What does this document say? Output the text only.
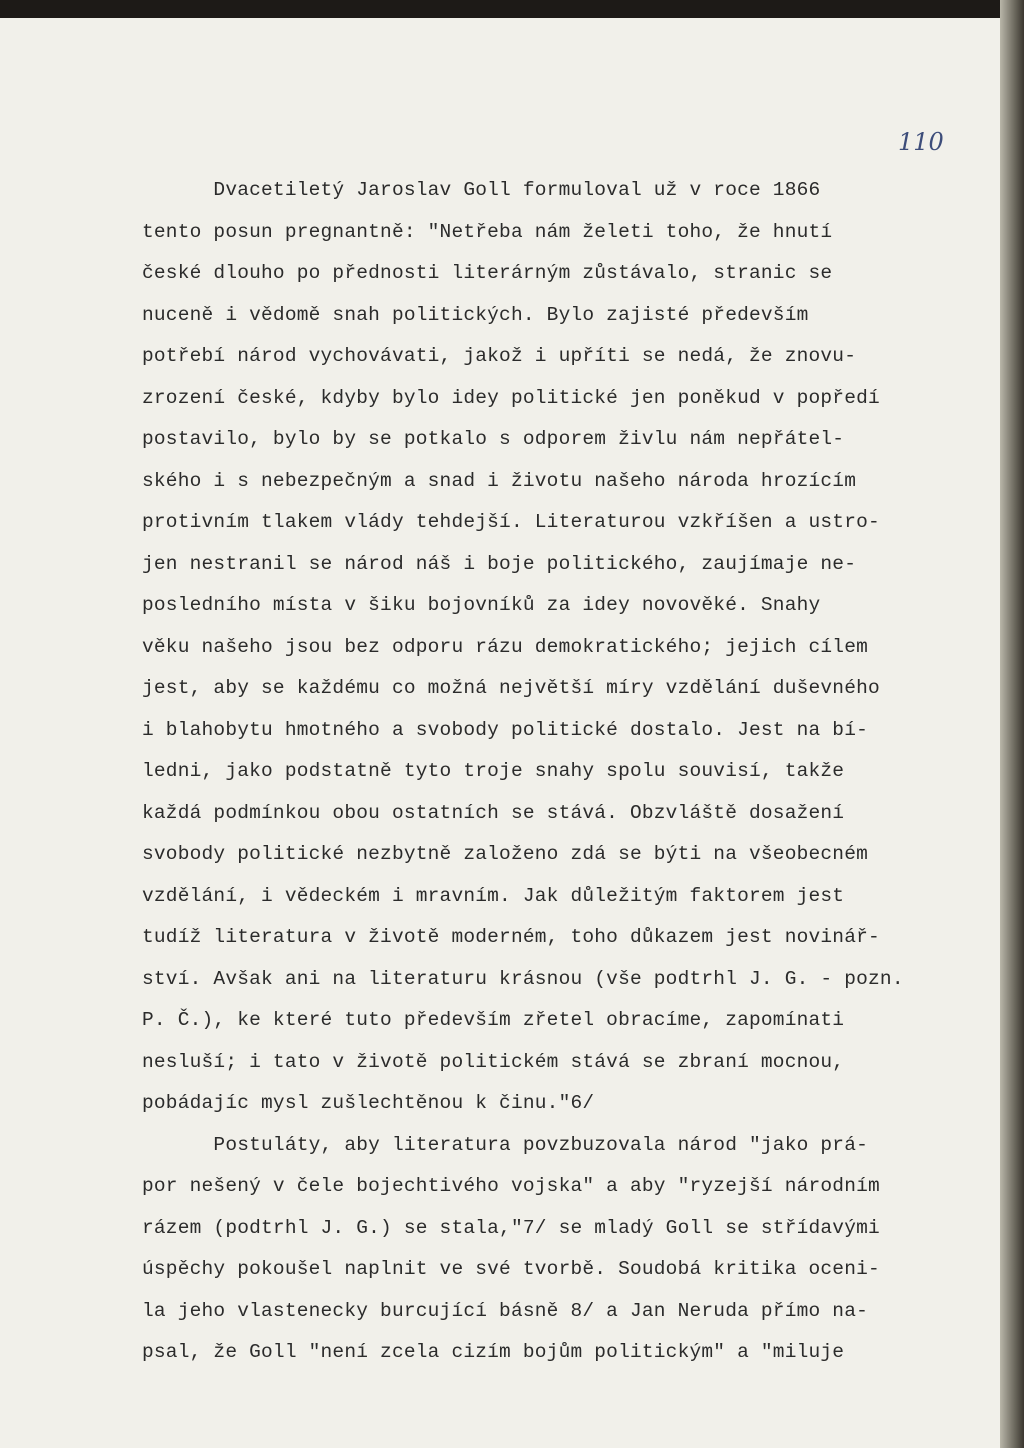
110
Dvacetiletý Jaroslav Goll formuloval už v roce 1866
tento posun pregnantně: "Netřeba nám želeti toho, že hnutí
české dlouho po přednosti literárným zůstávalo, stranic se
nuceně i vědomě snah politických. Bylo zajisté především
potřebí národ vychovávati, jakož i upříti se nedá, že znovu-
zrození české, kdyby bylo idey politické jen poněkud v popředí
postavilo, bylo by se potkalo s odporem živlu nám nepřátel-
ského i s nebezpečným a snad i životu našeho národa hrozícím
protivním tlakem vlády tehdejší. Literaturou vzkříšen a ustro-
jen nestranil se národ náš i boje politického, zaujímaje ne-
posledního místa v šiku bojovníků za idey novověké. Snahy
věku našeho jsou bez odporu rázu demokratického; jejich cílem
jest, aby se každému co možná největší míry vzdělání duševného
i blahobytu hmotného a svobody politické dostalo. Jest na bí-
ledni, jako podstatně tyto troje snahy spolu souvisí, takže
každá podmínkou obou ostatních se stává. Obzvláště dosažení
svobody politické nezbytně založeno zdá se býti na všeobecném
vzdělání, i vědeckém i mravním. Jak důležitým faktorem jest
tudíž literatura v životě moderném, toho důkazem jest novinář-
ství. Avšak ani na literaturu krásnou (vše podtrhl J. G. - pozn.
P. Č.), ke které tuto především zřetel obracíme, zapomínati
nesluší; i tato v životě politickém stává se zbraní mocnou,
pobádajíc mysl zušlechtěnou k činu."6/
Postuláty, aby literatura povzbuzovala národ "jako prá-
por nešený v čele bojechtivého vojska" a aby "ryzejší národním
rázem (podtrhl J. G.) se stala,"7/ se mladý Goll se střídavými
úspěchy pokoušel naplnit ve své tvorbě. Soudobá kritika oceni-
la jeho vlastenecky burcující básně 8/ a Jan Neruda přímo na-
psal, že Goll "není zcela cizím bojům politickým" a "miluje
